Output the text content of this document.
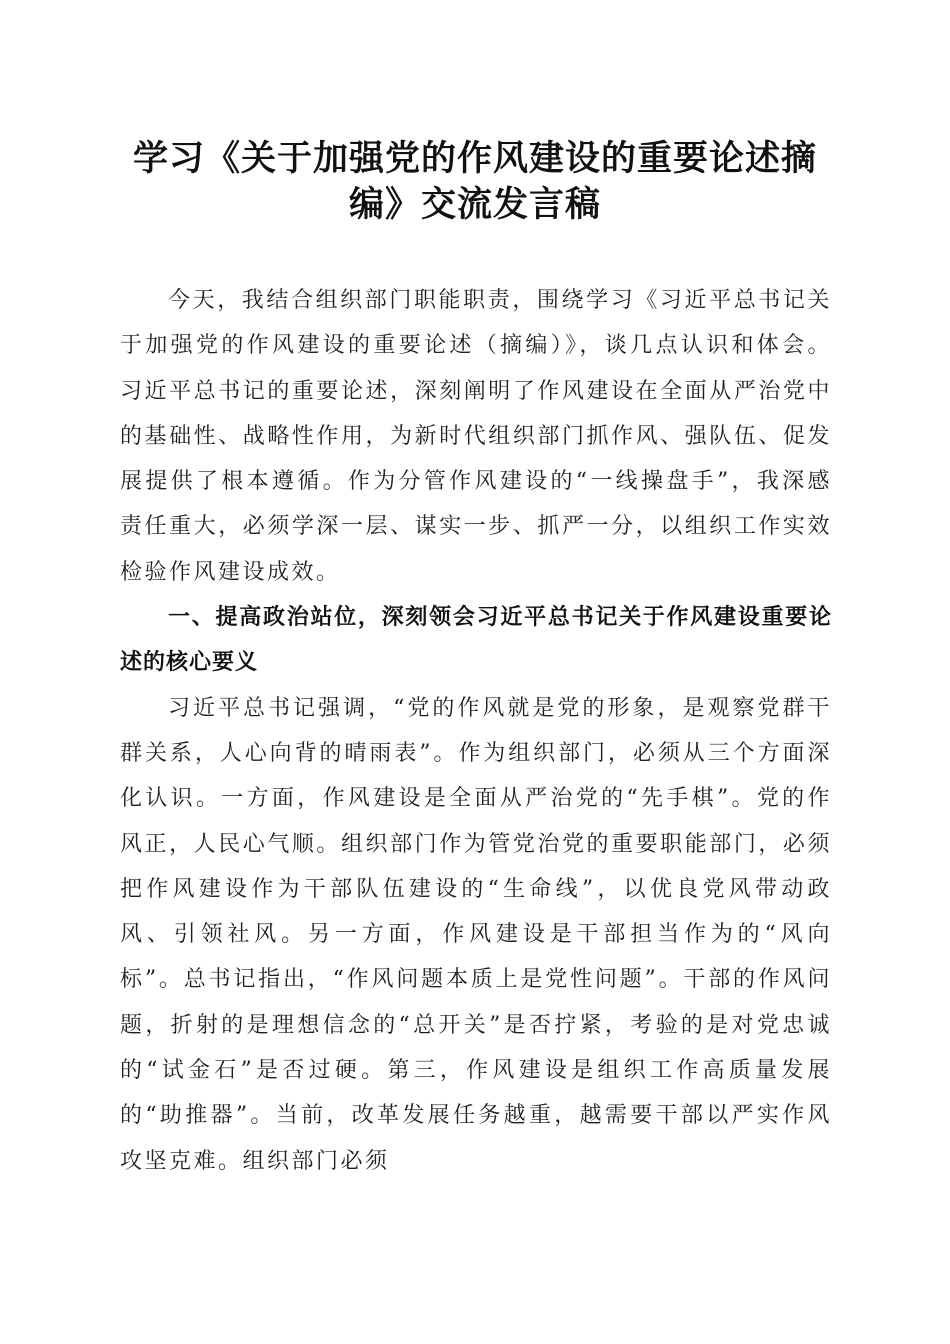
学习《关于加强党的作风建设的重要论述摘
编》交流发言稿

今天，我结合组织部门职能职责，围绕学习《习近平总书记关于加强党的作风建设的重要论述（摘编）》，谈几点认识和体会。习近平总书记的重要论述，深刻阐明了作风建设在全面从严治党中的基础性、战略性作用，为新时代组织部门抓作风、强队伍、促发展提供了根本遵循。作为分管作风建设的“一线操盘手”，我深感责任重大，必须学深一层、谋实一步、抓严一分，以组织工作实效检验作风建设成效。

一、提高政治站位，深刻领会习近平总书记关于作风建设重要论述的核心要义

习近平总书记强调，“党的作风就是党的形象，是观察党群干群关系，人心向背的晴雨表”。作为组织部门，必须从三个方面深化认识。一方面，作风建设是全面从严治党的“先手棋”。党的作风正，人民心气顺。组织部门作为管党治党的重要职能部门，必须把作风建设作为干部队伍建设的“生命线”，以优良党风带动政风、引领社风。另一方面，作风建设是干部担当作为的“风向标”。总书记指出，“作风问题本质上是党性问题”。干部的作风问题，折射的是理想信念的“总开关”是否拧紧，考验的是对党忠诚的“试金石”是否过硬。第三，作风建设是组织工作高质量发展的“助推器”。当前，改革发展任务越重，越需要干部以严实作风攻坚克难。组织部门必须
